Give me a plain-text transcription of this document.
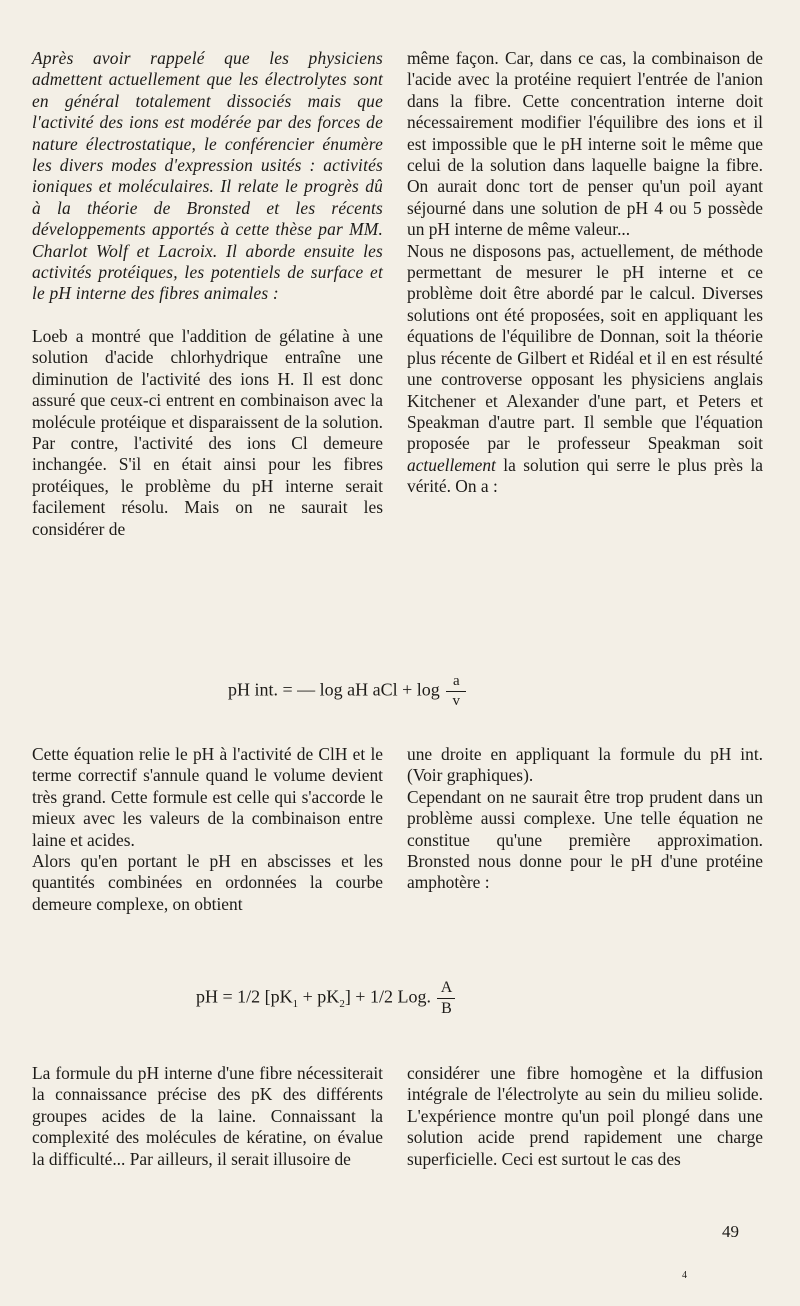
Après avoir rappelé que les physiciens admettent actuellement que les électrolytes sont en général totalement dissociés mais que l'activité des ions est modérée par des forces de nature électrostatique, le conférencier énumère les divers modes d'expression usités : activités ioniques et moléculaires. Il relate le progrès dû à la théorie de Bronsted et les récents développements apportés à cette thèse par MM. Charlot Wolf et Lacroix. Il aborde ensuite les activités protéiques, les potentiels de surface et le pH interne des fibres animales :

Loeb a montré que l'addition de gélatine à une solution d'acide chlorhydrique entraîne une diminution de l'activité des ions H. Il est donc assuré que ceux-ci entrent en combinaison avec la molécule protéique et disparaissent de la solution. Par contre, l'activité des ions Cl demeure inchangée. S'il en était ainsi pour les fibres protéiques, le problème du pH interne serait facilement résolu. Mais on ne saurait les considérer de

même façon. Car, dans ce cas, la combinaison de l'acide avec la protéine requiert l'entrée de l'anion dans la fibre. Cette concentration interne doit nécessairement modifier l'équilibre des ions et il est impossible que le pH interne soit le même que celui de la solution dans laquelle baigne la fibre. On aurait donc tort de penser qu'un poil ayant séjourné dans une solution de pH 4 ou 5 possède un pH interne de même valeur...

Nous ne disposons pas, actuellement, de méthode permettant de mesurer le pH interne et ce problème doit être abordé par le calcul. Diverses solutions ont été proposées, soit en appliquant les équations de l'équilibre de Donnan, soit la théorie plus récente de Gilbert et Ridéal et il en est résulté une controverse opposant les physiciens anglais Kitchener et Alexander d'une part, et Peters et Speakman d'autre part. Il semble que l'équation proposée par le professeur Speakman soit actuellement la solution qui serre le plus près la vérité. On a :

pH int. = — log aH aCl + $\log \frac{a}{v}$

Cette équation relie le pH à l'activité de ClH et le terme correctif s'annule quand le volume devient très grand. Cette formule est celle qui s'accorde le mieux avec les valeurs de la combinaison entre laine et acides.

Alors qu'en portant le pH en abscisses et les quantités combinées en ordonnées la courbe demeure complexe, on obtient

une droite en appliquant la formule du pH int. (Voir graphiques).

Cependant on ne saurait être trop prudent dans un problème aussi complexe. Une telle équation ne constitue qu'une première approximation. Bronsted nous donne pour le pH d'une protéine amphotère :

pH = 1/2 $[pK_1 + pK_2] + 1/2$ Log. $\frac{A}{B}$

La formule du pH interne d'une fibre nécessiterait la connaissance précise des pK des différents groupes acides de la laine. Connaissant la complexité des molécules de kératine, on évalue la difficulté... Par ailleurs, il serait illusoire de

considérer une fibre homogène et la diffusion intégrale de l'électrolyte au sein du milieu solide. L'expérience montre qu'un poil plongé dans une solution acide prend rapidement une charge superficielle. Ceci est surtout le cas des

49
4
